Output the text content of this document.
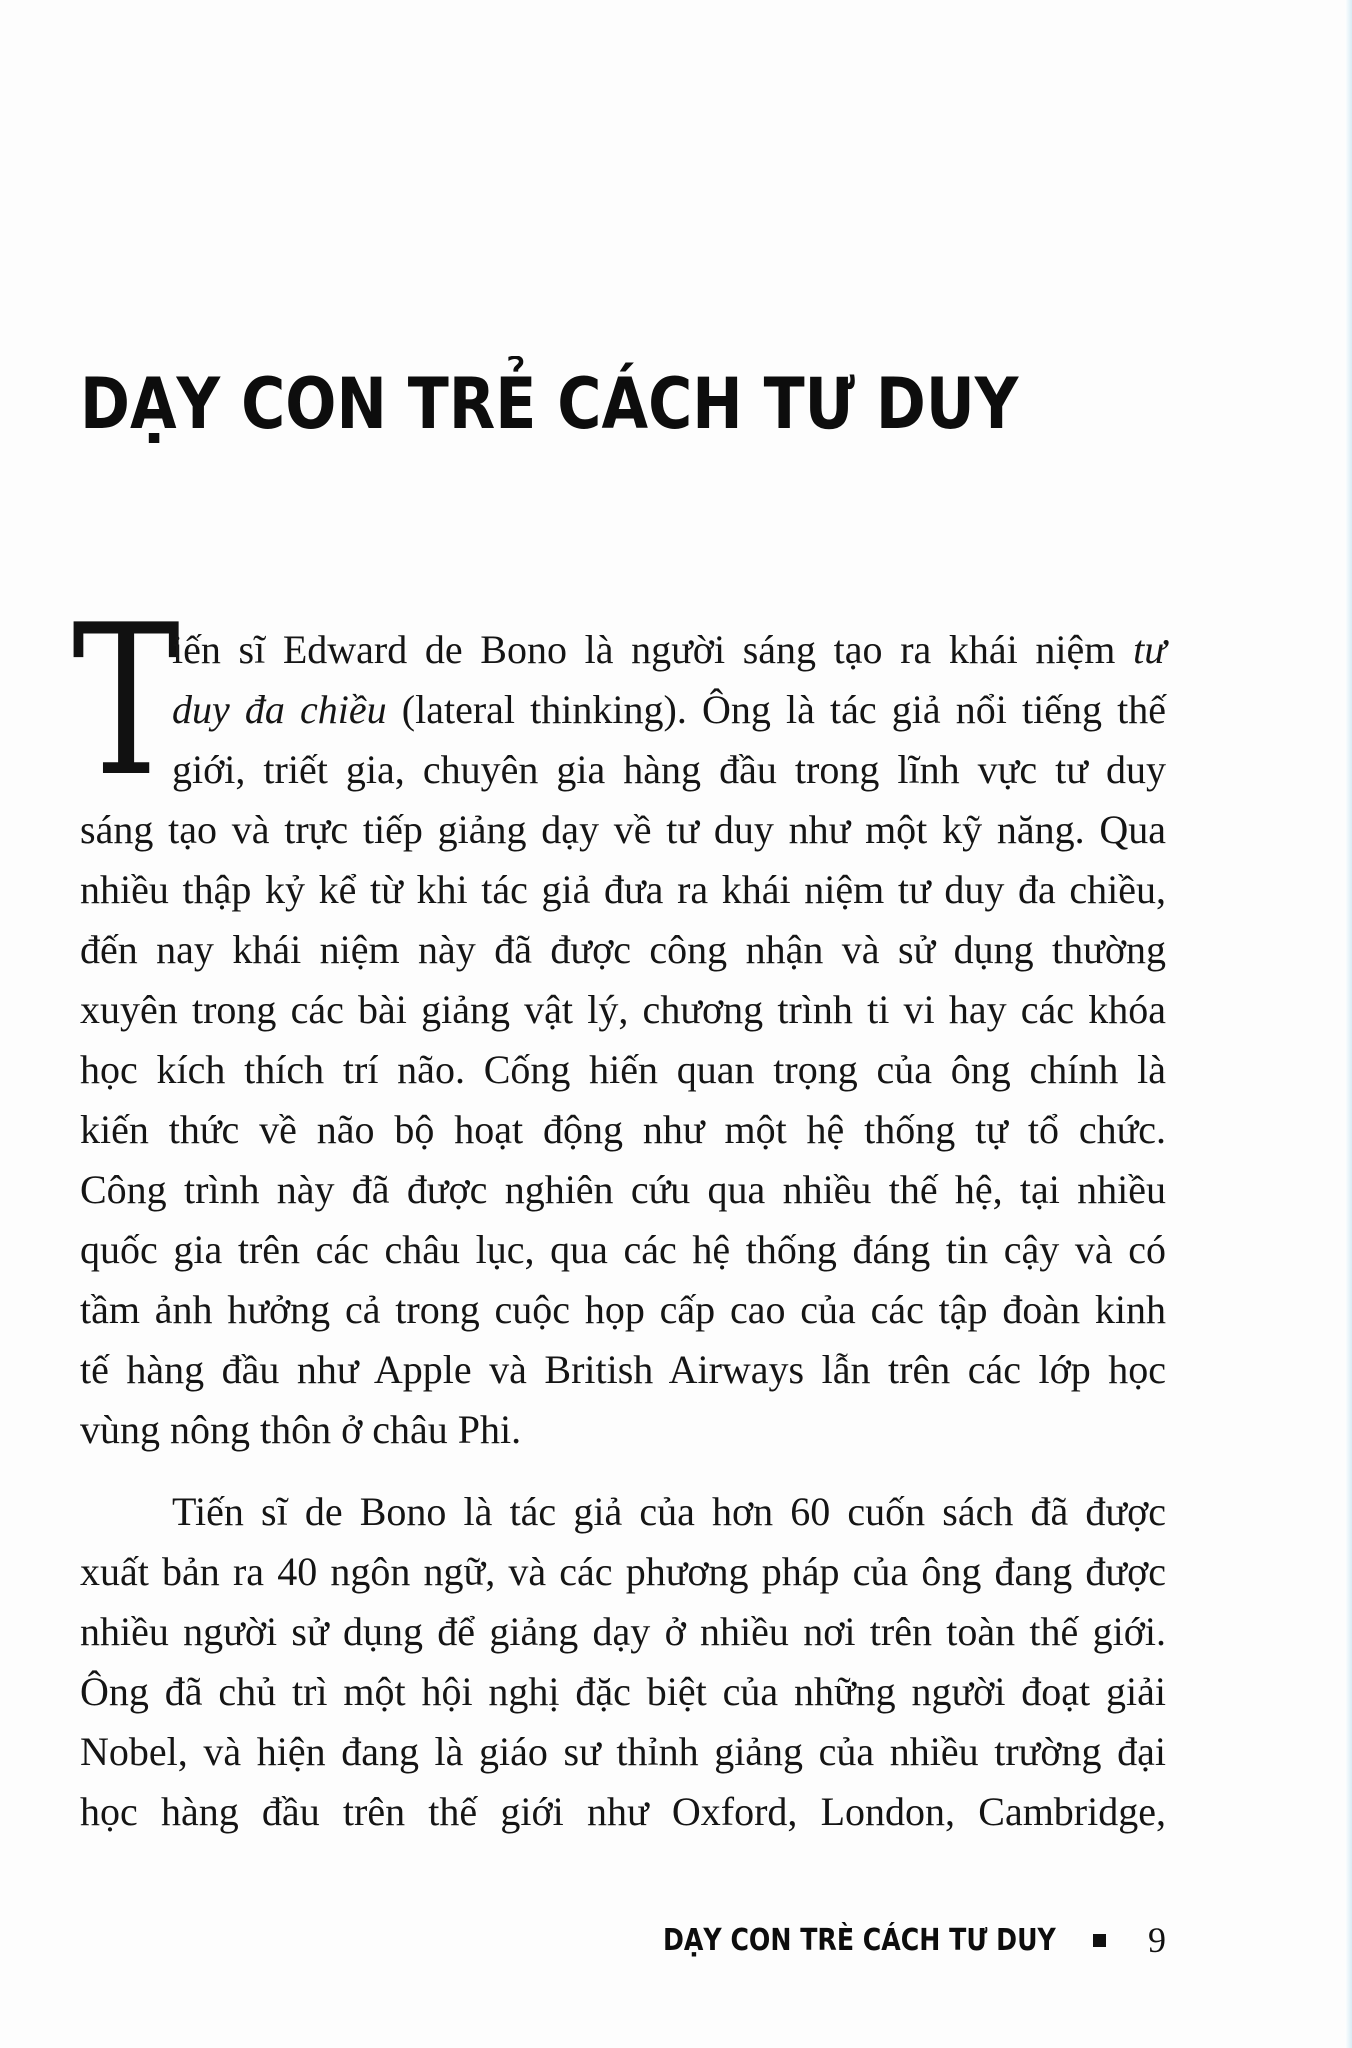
DẠY CON TRẺ CÁCH TƯ DUY
T
iến sĩ Edward de Bono là người sáng tạo ra khái niệm tư
duy đa chiều (lateral thinking). Ông là tác giả nổi tiếng thế
giới, triết gia, chuyên gia hàng đầu trong lĩnh vực tư duy
sáng tạo và trực tiếp giảng dạy về tư duy như một kỹ năng. Qua
nhiều thập kỷ kể từ khi tác giả đưa ra khái niệm tư duy đa chiều,
đến nay khái niệm này đã được công nhận và sử dụng thường
xuyên trong các bài giảng vật lý, chương trình ti vi hay các khóa
học kích thích trí não. Cống hiến quan trọng của ông chính là
kiến thức về não bộ hoạt động như một hệ thống tự tổ chức.
Công trình này đã được nghiên cứu qua nhiều thế hệ, tại nhiều
quốc gia trên các châu lục, qua các hệ thống đáng tin cậy và có
tầm ảnh hưởng cả trong cuộc họp cấp cao của các tập đoàn kinh
tế hàng đầu như Apple và British Airways lẫn trên các lớp học
vùng nông thôn ở châu Phi.
Tiến sĩ de Bono là tác giả của hơn 60 cuốn sách đã được
xuất bản ra 40 ngôn ngữ, và các phương pháp của ông đang được
nhiều người sử dụng để giảng dạy ở nhiều nơi trên toàn thế giới.
Ông đã chủ trì một hội nghị đặc biệt của những người đoạt giải
Nobel, và hiện đang là giáo sư thỉnh giảng của nhiều trường đại
học hàng đầu trên thế giới như Oxford, London, Cambridge,
DẠY CON TRÈ CÁCH TƯ DUY	9
